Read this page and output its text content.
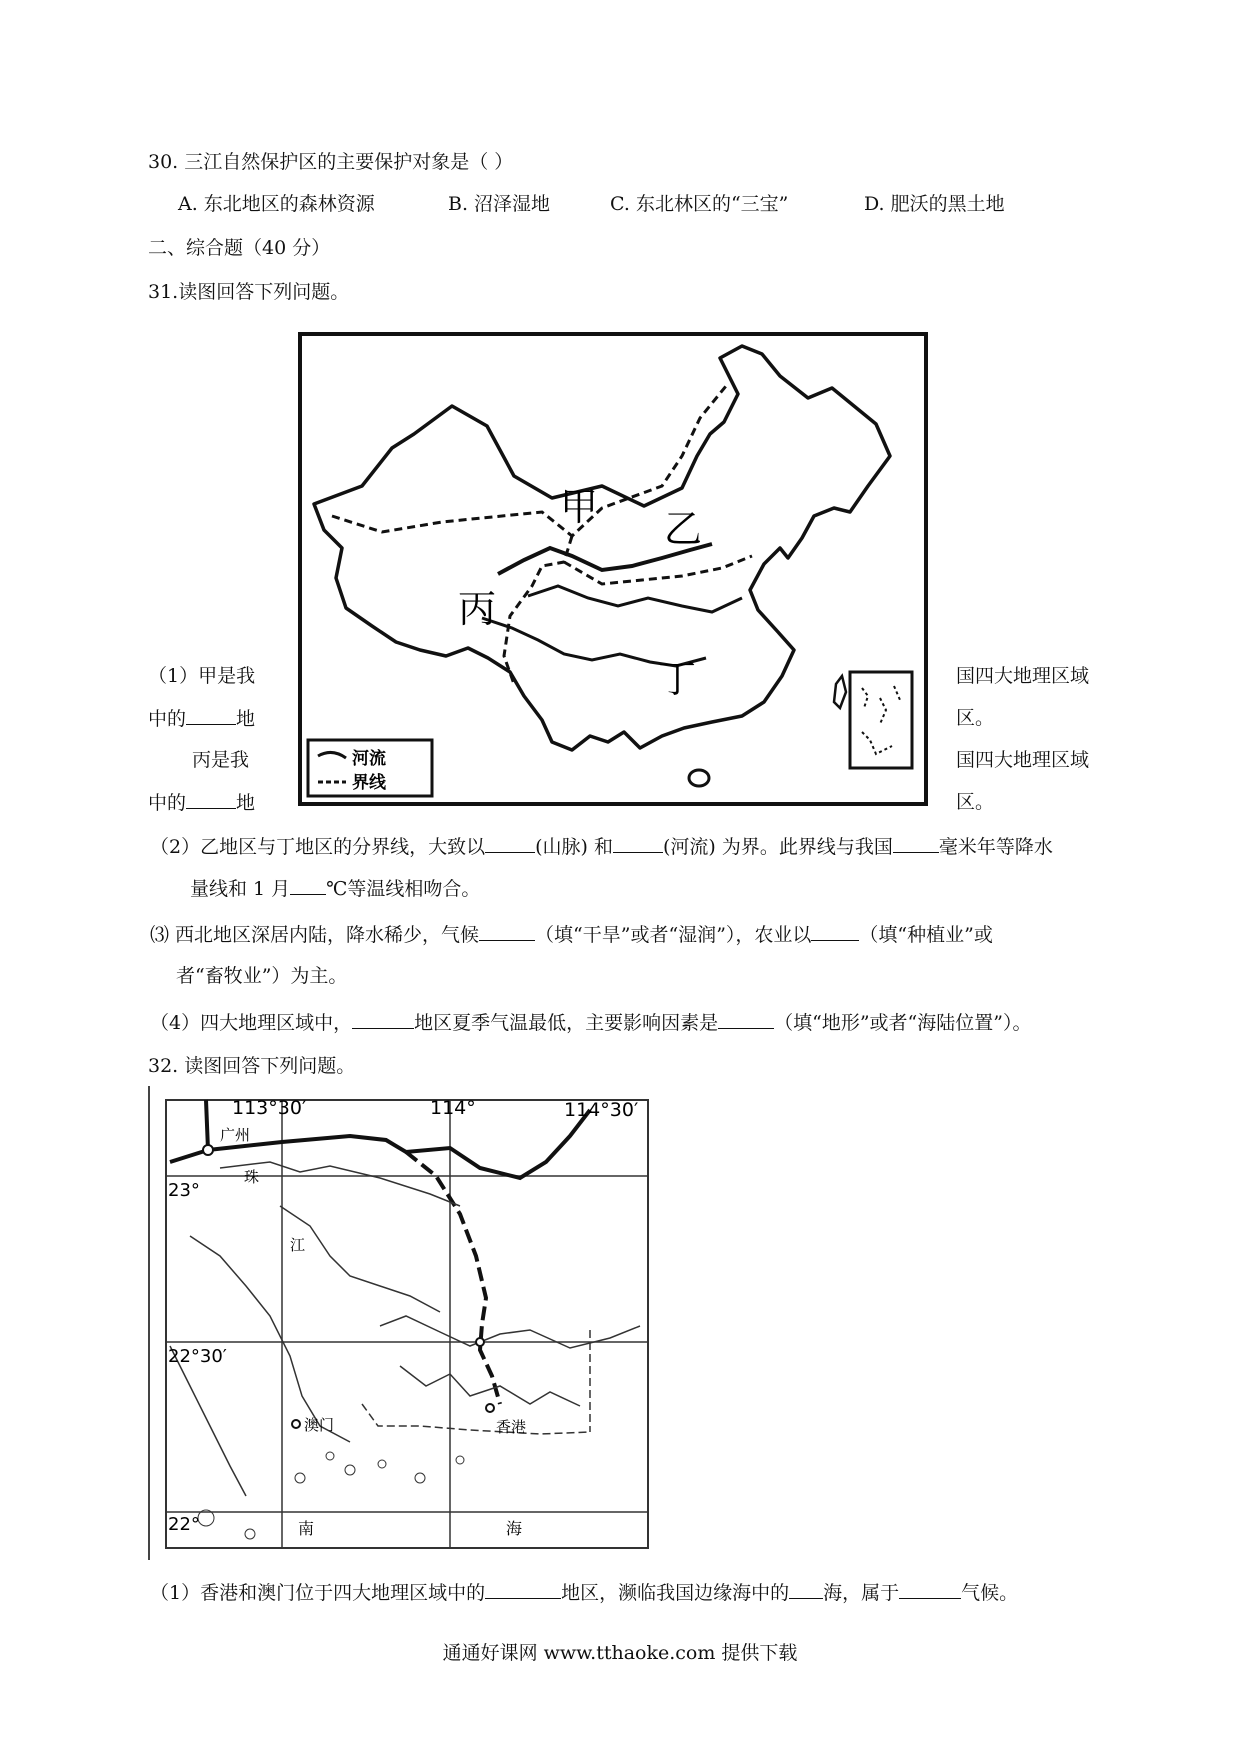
30. 三江自然保护区的主要保护对象是（ ）
A. 东北地区的森林资源	B. 沼泽湿地	C. 东北林区的“三宝”	D. 肥沃的黑土地
二、综合题（40 分）
31.读图回答下列问题。
甲 乙
丙
丁
河流
界线
（1）甲是我	国四大地理区域
中的	地	区。
丙是我	国四大地理区域
中的	地	区。
（2）乙地区与丁地区的分界线，大致以	(山脉) 和	(河流) 为界。此界线与我国 毫米年等降水
量线和 1 月 ℃等温线相吻合。
⑶ 西北地区深居内陆，降水稀少，气候	（填“干旱”或者“湿润”），农业以	（填“种植业”或
者“畜牧业”）为主。
（4）四大地理区域中，	地区夏季气温最低，主要影响因素是	（填“地形”或者“海陆位置”）。
32. 读图回答下列问题。
113°30′	114°	114°30′
23°
22°30′
22°
广州
珠
江
澳门	香港
南	海
（1）香港和澳门位于四大地理区域中的	地区，濒临我国边缘海中的 海，属于	气候。
通通好课网 www.tthaoke.com 提供下载
